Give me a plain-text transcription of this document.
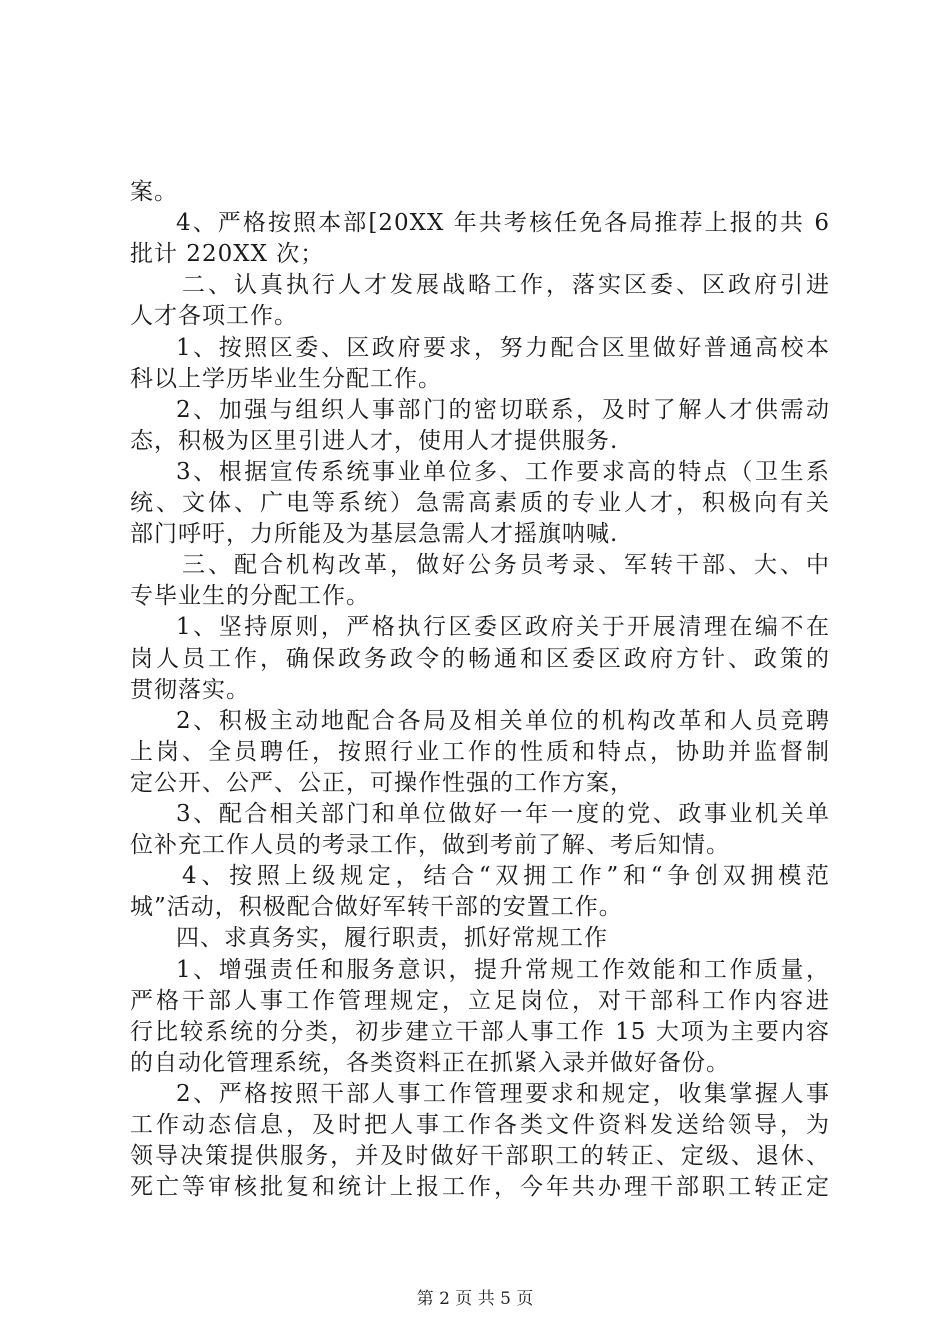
案。
4、严格按照本部[20XX 年共考核任免各局推荐上报的共 6
批计 220XX 次；
二、认真执行人才发展战略工作，落实区委、区政府引进
人才各项工作。
1、按照区委、区政府要求，努力配合区里做好普通高校本
科以上学历毕业生分配工作。
2、加强与组织人事部门的密切联系，及时了解人才供需动
态，积极为区里引进人才，使用人才提供服务.
3、根据宣传系统事业单位多、工作要求高的特点（卫生系
统、文体、广电等系统）急需高素质的专业人才，积极向有关
部门呼吁，力所能及为基层急需人才摇旗呐喊.
三、配合机构改革，做好公务员考录、军转干部、大、中
专毕业生的分配工作。
1、坚持原则，严格执行区委区政府关于开展清理在编不在
岗人员工作，确保政务政令的畅通和区委区政府方针、政策的
贯彻落实。
2、积极主动地配合各局及相关单位的机构改革和人员竞聘
上岗、全员聘任，按照行业工作的性质和特点，协助并监督制
定公开、公严、公正，可操作性强的工作方案，
3、配合相关部门和单位做好一年一度的党、政事业机关单
位补充工作人员的考录工作，做到考前了解、考后知情。
4、按照上级规定，结合“双拥工作”和“争创双拥模范
城”活动，积极配合做好军转干部的安置工作。
四、求真务实，履行职责，抓好常规工作
1、增强责任和服务意识，提升常规工作效能和工作质量，
严格干部人事工作管理规定，立足岗位，对干部科工作内容进
行比较系统的分类，初步建立干部人事工作 15 大项为主要内容
的自动化管理系统，各类资料正在抓紧入录并做好备份。
2、严格按照干部人事工作管理要求和规定，收集掌握人事
工作动态信息，及时把人事工作各类文件资料发送给领导，为
领导决策提供服务，并及时做好干部职工的转正、定级、退休、
死亡等审核批复和统计上报工作，今年共办理干部职工转正定
第 2 页 共 5 页
